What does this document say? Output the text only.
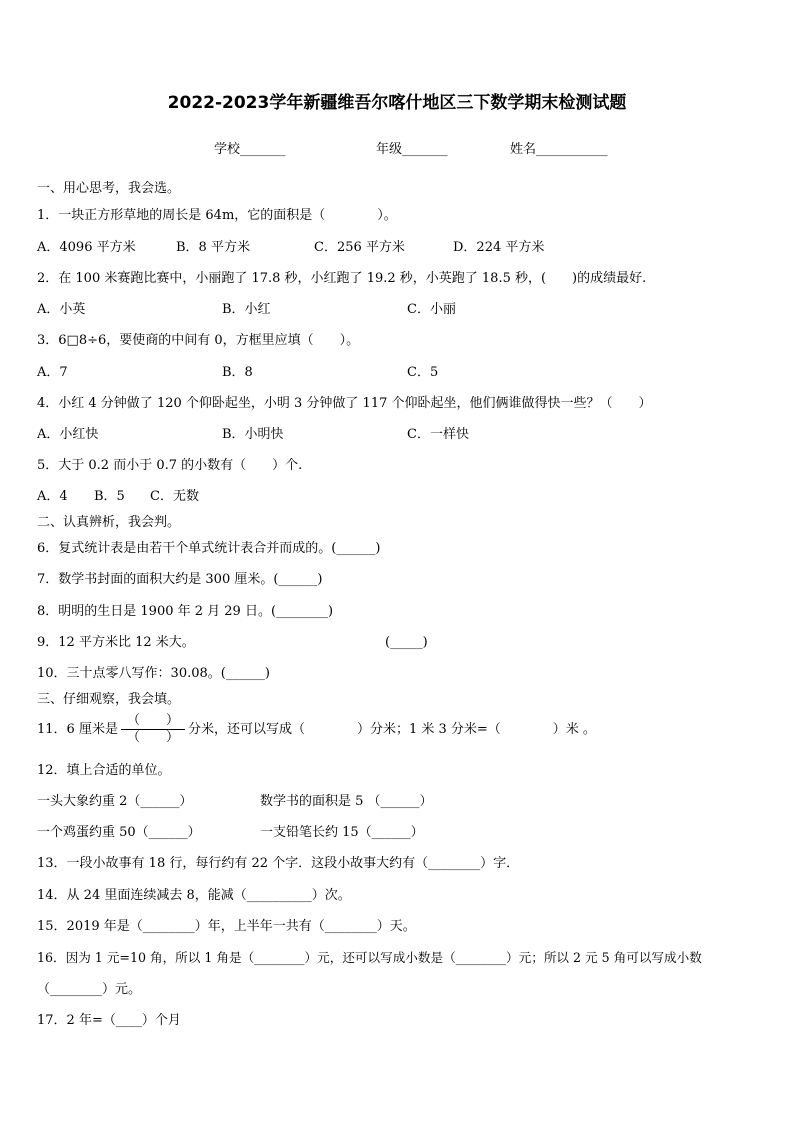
2022-2023学年新疆维吾尔喀什地区三下数学期末检测试题
学校_______	年级_______	姓名___________
一、用心思考，我会选。
1．一块正方形草地的周长是 64m，它的面积是（　　　　）。
A．4096 平方米	B．8 平方米	C．256 平方米	D．224 平方米
2．在 100 米赛跑比赛中，小丽跑了 17.8 秒，小红跑了 19.2 秒，小英跑了 18.5 秒，(　　)的成绩最好.
A．小英	B．小红	C．小丽
3．6□8÷6，要使商的中间有 0，方框里应填（　　）。
A．7	B．8	C．5
4．小红 4 分钟做了 120 个仰卧起坐，小明 3 分钟做了 117 个仰卧起坐，他们俩谁做得快一些？（　　）
A．小红快	B．小明快	C．一样快
5．大于 0.2 而小于 0.7 的小数有（　　）个.
A．4 B．5 C．无数
二、认真辨析，我会判。
6．复式统计表是由若干个单式统计表合并而成的。(______)
7．数学书封面的面积大约是 300 厘米。(______)
8．明明的生日是 1900 年 2 月 29 日。(________)
9．12 平方米比 12 米大。	(_____)
10．三十点零八写作：30.08。(______)
三、仔细观察，我会填。
11．6 厘米是 $\frac{( )}{( )}$ 分米，还可以写成（　　　　）分米；1 米 3 分米=（　　　　）米 。
12．填上合适的单位。
一头大象约重 2（______）	数学书的面积是 5 （______）
一个鸡蛋约重 50（______）	一支铅笔长约 15（______）
13．一段小故事有 18 行，每行约有 22 个字．这段小故事大约有（________）字．
14．从 24 里面连续减去 8，能减（__________）次。
15．2019 年是（________）年，上半年一共有（________）天。
16．因为 1 元=10 角，所以 1 角是（________）元，还可以写成小数是（________）元；所以 2 元 5 角可以写成小数
（________）元。
17．2 年=（____）个月
